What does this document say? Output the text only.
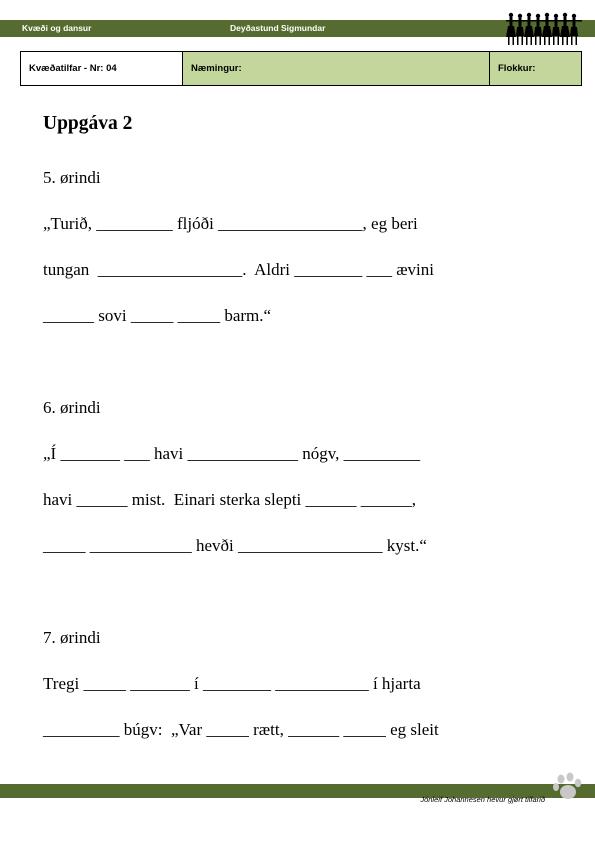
Kvæði og dansur	Deyðastund Sigmundar
Kvæðatilfar - Nr: 04	Næmingur:	Flokkur:
Uppgáva 2

5. ørindi

„Turið, _________ fljóði _________________, eg beri

tungan  _________________.  Aldri ________ ___ ævini

______ sovi _____ _____ barm.“

6. ørindi

„Í _______ ___ havi _____________ nógv, _________

havi ______ mist.  Einari sterka slepti ______ ______,

_____ ____________ hevði _________________ kyst.“

7. ørindi

Tregi _____ _______ í ________ ___________ í hjarta

_________ búgv:  „Var _____ rætt, ______ _____ eg sleit

Jónleif Johannesen hevur gjørt tilfarið
